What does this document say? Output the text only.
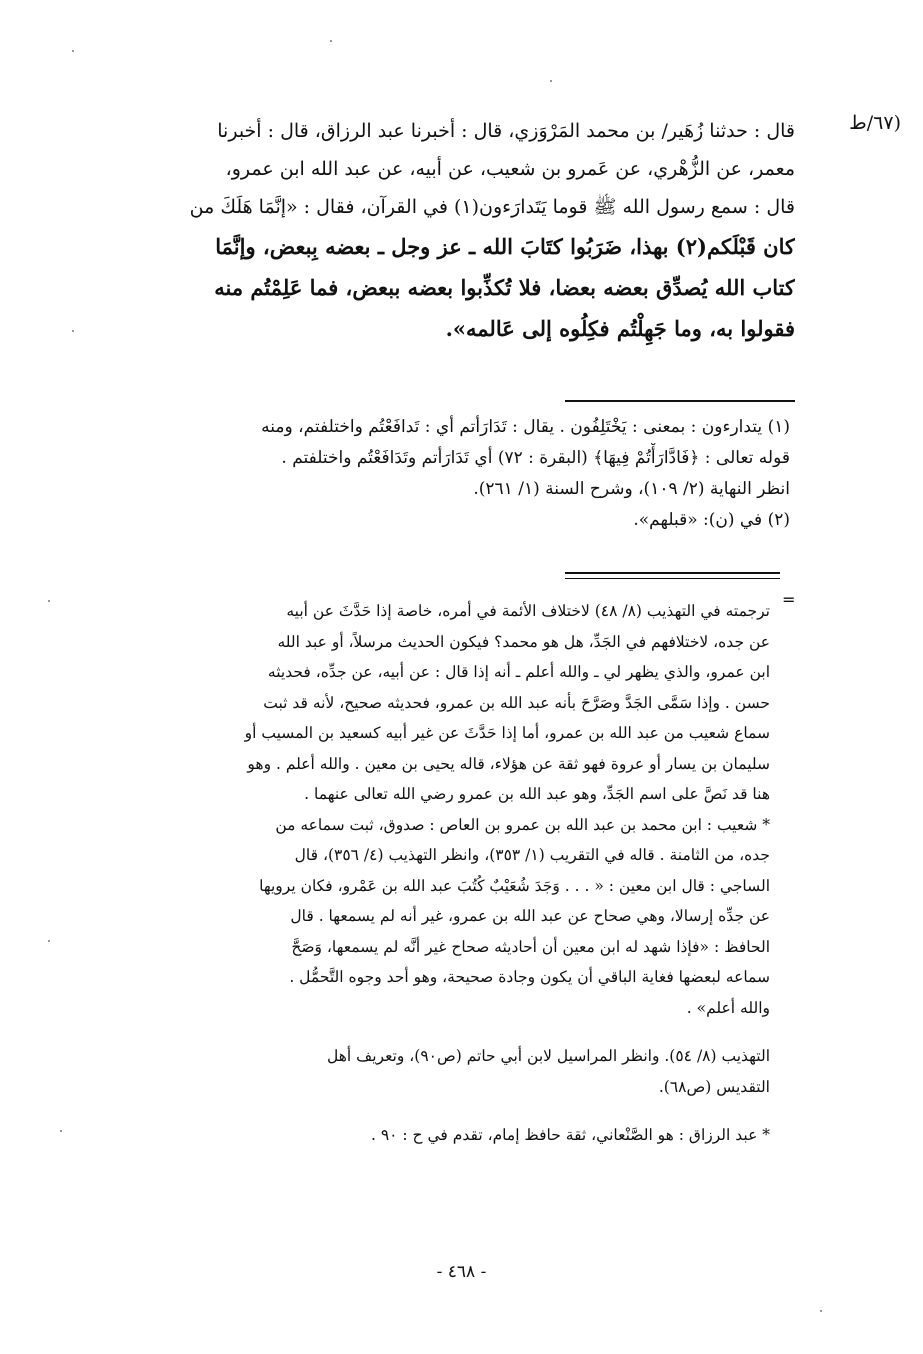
(٦٧/ط

قال : حدثنا زُهَير/ بن محمد المَرْوَزي، قال : أخبرنا عبد الرزاق، قال : أخبرنا

معمر، عن الزُّهْري، عن عَمرو بن شعيب، عن أبيه، عن عبد الله ابن عمرو،

قال : سمع رسول الله ﷺ قوما يَتَدارَءون(١) في القرآن، فقال : «إنَّمَا هَلَكَ من

كان قَبْلَكم(٢) بهذا، ضَرَبُوا كتَابَ الله ـ عز وجل ـ بعضه بِبعض، وإنَّمَا

كتاب الله يُصدِّق بعضه بعضا، فلا تُكذِّبوا بعضه ببعض، فما عَلِمْتُم منه

فقولوا به، وما جَهِلْتُم فكِلُوه إلى عَالمه».

(١) يتدارءون : بمعنى : يَخْتَلِفُون . يقال : تَدَارَأتم أي : تَدافَعْتُم واختلفتم، ومنه

قوله تعالى : ﴿فَادَّارَأْتُمْ فِيهَا﴾ (البقرة : ٧٢) أي تَدَارَأتم وتَدَافَعْتُم واختلفتم .

انظر النهاية (٢/ ١٠٩)، وشرح السنة (١/ ٢٦١).

(٢) في (ن): «قبلهم».

=

ترجمته في التهذيب (٨/ ٤٨) لاختلاف الأئمة في أمره، خاصة إذا حَدَّثَ عن أبيه

عن جده، لاختلافهم في الجَدِّ، هل هو محمد؟ فيكون الحديث مرسلاً، أو عبد الله

ابن عمرو، والذي يظهر لي ـ والله أعلم ـ أنه إذا قال : عن أبيه، عن جدِّه، فحديثه

حسن . وإذا سَمَّى الجَدَّ وصَرَّحَ بأنه عبد الله بن عمرو، فحديثه صحيح، لأنه قد ثبت

سماع شعيب من عبد الله بن عمرو، أما إذا حَدَّثَ عن غير أبيه كسعيد بن المسيب أو

سليمان بن يسار أو عروة فهو ثقة عن هؤلاء، قاله يحيى بن معين . والله أعلم . وهو

هنا قد نَصَّ على اسم الجَدِّ، وهو عبد الله بن عمرو رضي الله تعالى عنهما .

* شعيب : ابن محمد بن عبد الله بن عمرو بن العاص : صدوق، ثبت سماعه من

جده، من الثامنة . قاله في التقريب (١/ ٣٥٣)، وانظر التهذيب (٤/ ٣٥٦)، قال

الساجي : قال ابن معين : « . . . وَجَدَ شُعَيْبٌ كُتُبَ عبد الله بن عَمْرو، فكان يرويها

عن جدِّه إرسالا، وهي صحاح عن عبد الله بن عمرو، غير أنه لم يسمعها . قال

الحافظ : «فإذا شهد له ابن معين أن أحاديثه صحاح غير أنَّه لم يسمعها، وَصَحَّ

سماعه لبعضها فغاية الباقي أن يكون وجادة صحيحة، وهو أحد وجوه التَّحمُّل .

والله أعلم» .

التهذيب (٨/ ٥٤). وانظر المراسيل لابن أبي حاتم (ص٩٠)، وتعريف أهل

التقديس (ص٦٨).

* عبد الرزاق : هو الصَّنْعاني، ثقة حافظ إمام، تقدم في ح : ٩٠ .

- ٤٦٨ -
